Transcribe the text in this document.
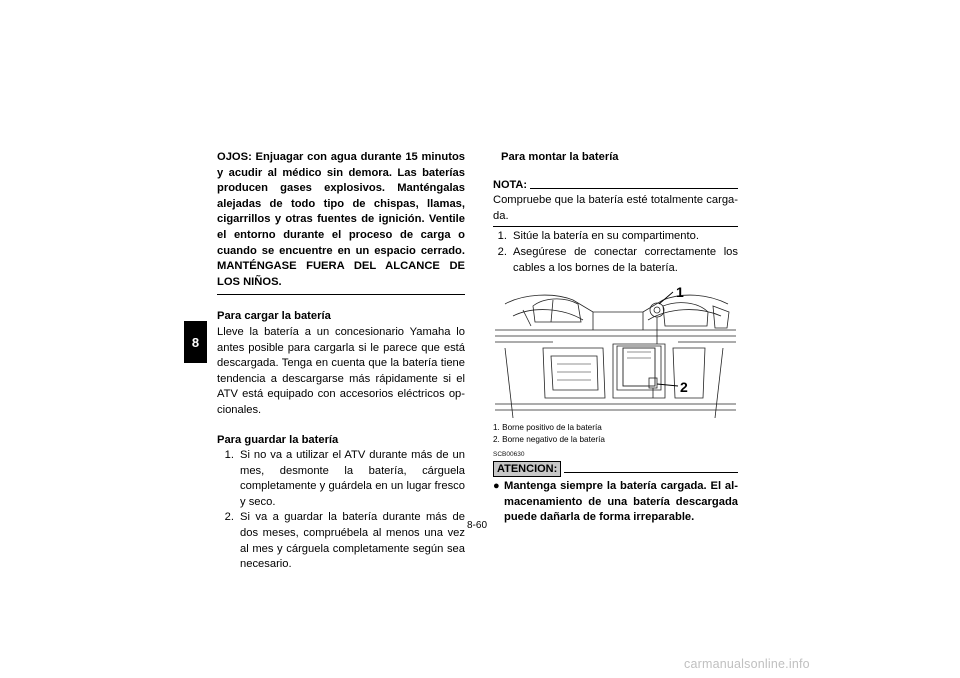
8
OJOS: Enjuagar con agua durante 15 minutos y acudir al médico sin demora. Las baterías producen gases explosivos. Manténgalas alejadas de todo tipo de chispas, llamas, cigarrillos y otras fuentes de ignición. Ventile el entorno durante el proceso de carga o cuando se encuentre en un espacio cerrado. MANTÉNGASE FUERA DEL ALCANCE DE LOS NIÑOS.
Para cargar la batería
Lleve la batería a un concesionario Yamaha lo antes posible para cargarla si le parece que está descargada. Tenga en cuenta que la batería tiene tendencia a descargarse más rápidamente si el ATV está equipado con accesorios eléctricos opcionales.
Para guardar la batería
1. Si no va a utilizar el ATV durante más de un mes, desmonte la batería, cárguela completamente y guárdela en un lugar fresco y seco.
2. Si va a guardar la batería durante más de dos meses, compruébela al menos una vez al mes y cárguela completamente según sea necesario.
Para montar la batería
NOTA:
Compruebe que la batería esté totalmente cargada.
1. Sitúe la batería en su compartimento.
2. Asegúrese de conectar correctamente los cables a los bornes de la batería.
1
2
1. Borne positivo de la batería
2. Borne negativo de la batería
SCB00630
ATENCION:
● Mantenga siempre la batería cargada. El almacenamiento de una batería descargada puede dañarla de forma irreparable.
8-60
carmanualsonline.info
